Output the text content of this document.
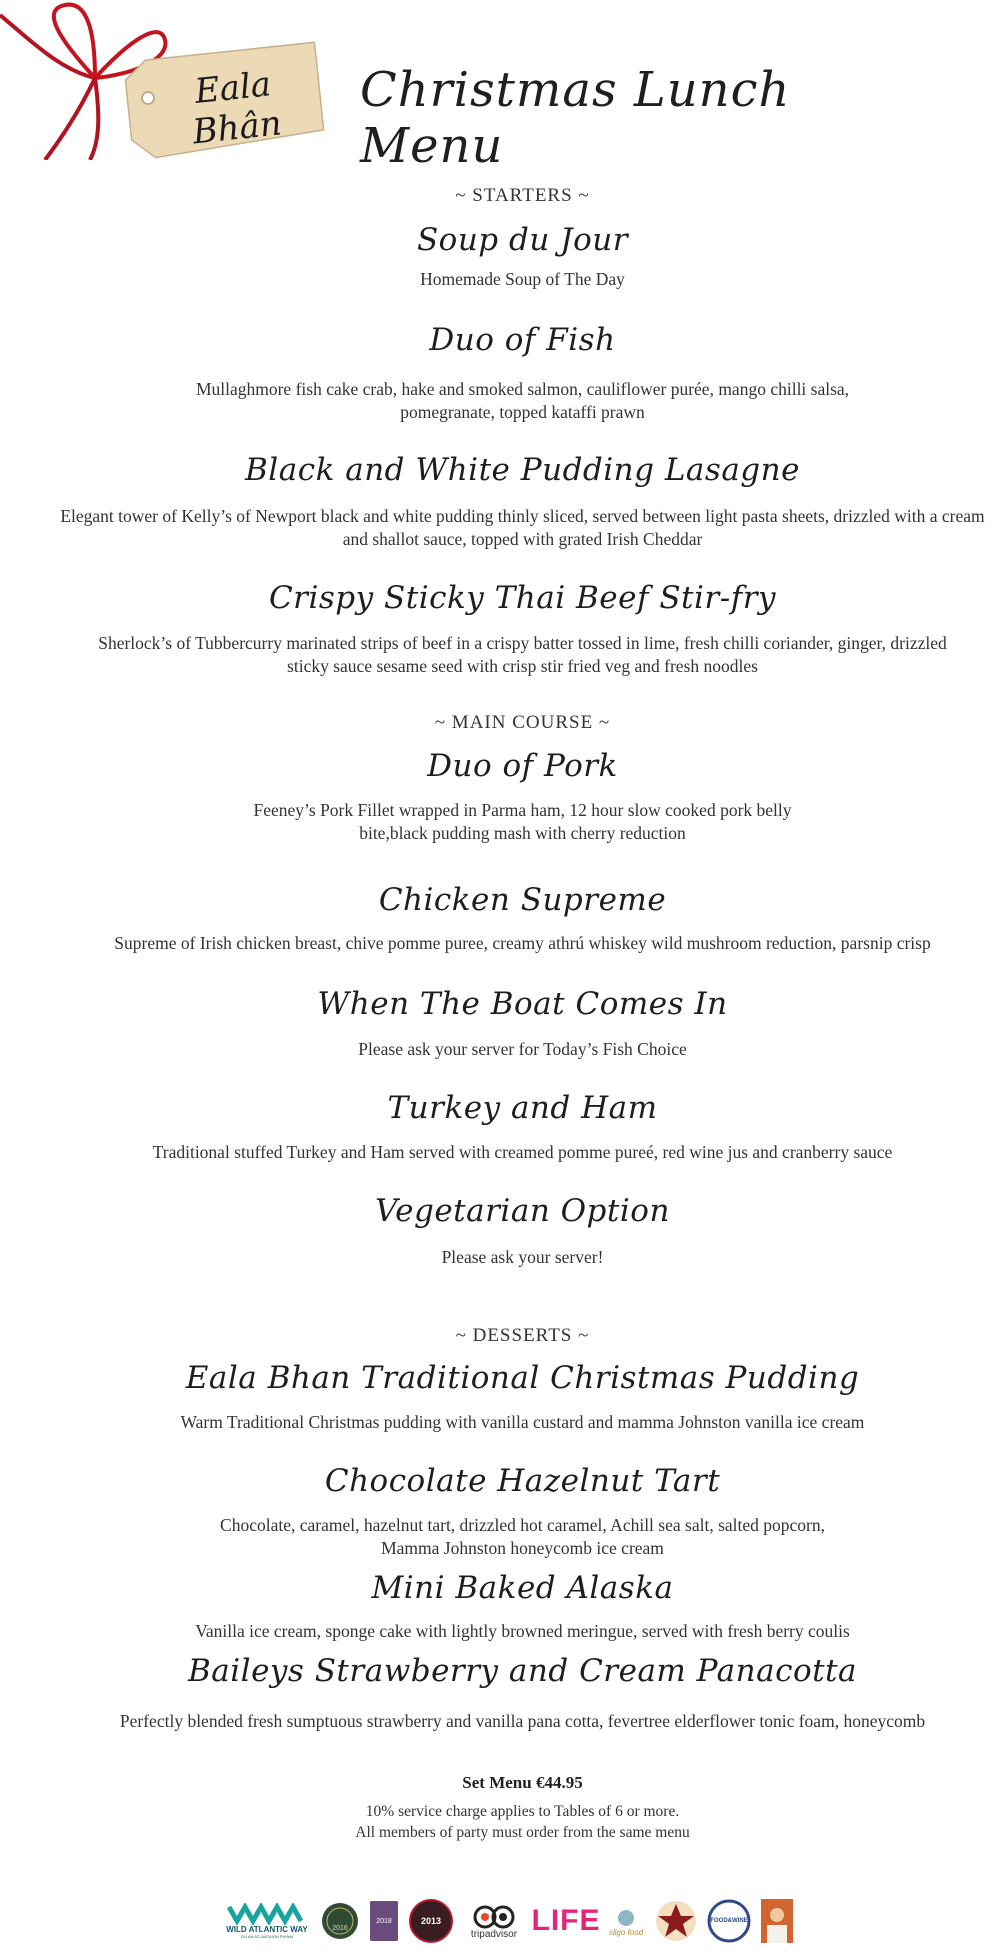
Eala Bhân
Christmas Lunch Menu
~ STARTERS ~
Soup du Jour
Homemade Soup of The Day
Duo of Fish
Mullaghmore fish cake crab, hake and smoked salmon, cauliflower purée, mango chilli salsa, pomegranate, topped kataffi prawn
Black and White Pudding Lasagne
Elegant tower of Kelly’s of Newport black and white pudding thinly sliced, served between light pasta sheets, drizzled with a cream and shallot sauce, topped with grated Irish Cheddar
Crispy Sticky Thai Beef Stir-fry
Sherlock’s of Tubbercurry marinated strips of beef in a crispy batter tossed in lime, fresh chilli coriander, ginger, drizzled sticky sauce sesame seed with crisp stir fried veg and fresh noodles
~ MAIN COURSE ~
Duo of Pork
Feeney’s Pork Fillet wrapped in Parma ham, 12 hour slow cooked pork belly bite,black pudding mash with cherry reduction
Chicken Supreme
Supreme of Irish chicken breast, chive pomme puree, creamy athrú whiskey wild mushroom reduction, parsnip crisp
When The Boat Comes In
Please ask your server for Today’s Fish Choice
Turkey and Ham
Traditional stuffed Turkey and Ham served with creamed pomme pureé, red wine jus and cranberry sauce
Vegetarian Option
Please ask your server!
~ DESSERTS ~
Eala Bhan Traditional Christmas Pudding
Warm Traditional Christmas pudding with vanilla custard and mamma Johnston vanilla ice cream
Chocolate Hazelnut Tart
Chocolate, caramel, hazelnut tart, drizzled hot caramel, Achill sea salt, salted popcorn, Mamma Johnston honeycomb ice cream
Mini Baked Alaska
Vanilla ice cream, sponge cake with lightly browned meringue, served with fresh berry coulis
Baileys Strawberry and Cream Panacotta
Perfectly blended fresh sumptuous strawberry and vanilla pana cotta, fevertree elderflower tonic foam, honeycomb
Set Menu €44.95
10% service charge applies to Tables of 6 or more.
All members of party must order from the same menu
WILD ATLANTIC WAY
SLÍ AN ATLANTAIGH FHIÁIN
2016
2018	2013
tripadvisor LIFE sligo food
FOOD&WINE
